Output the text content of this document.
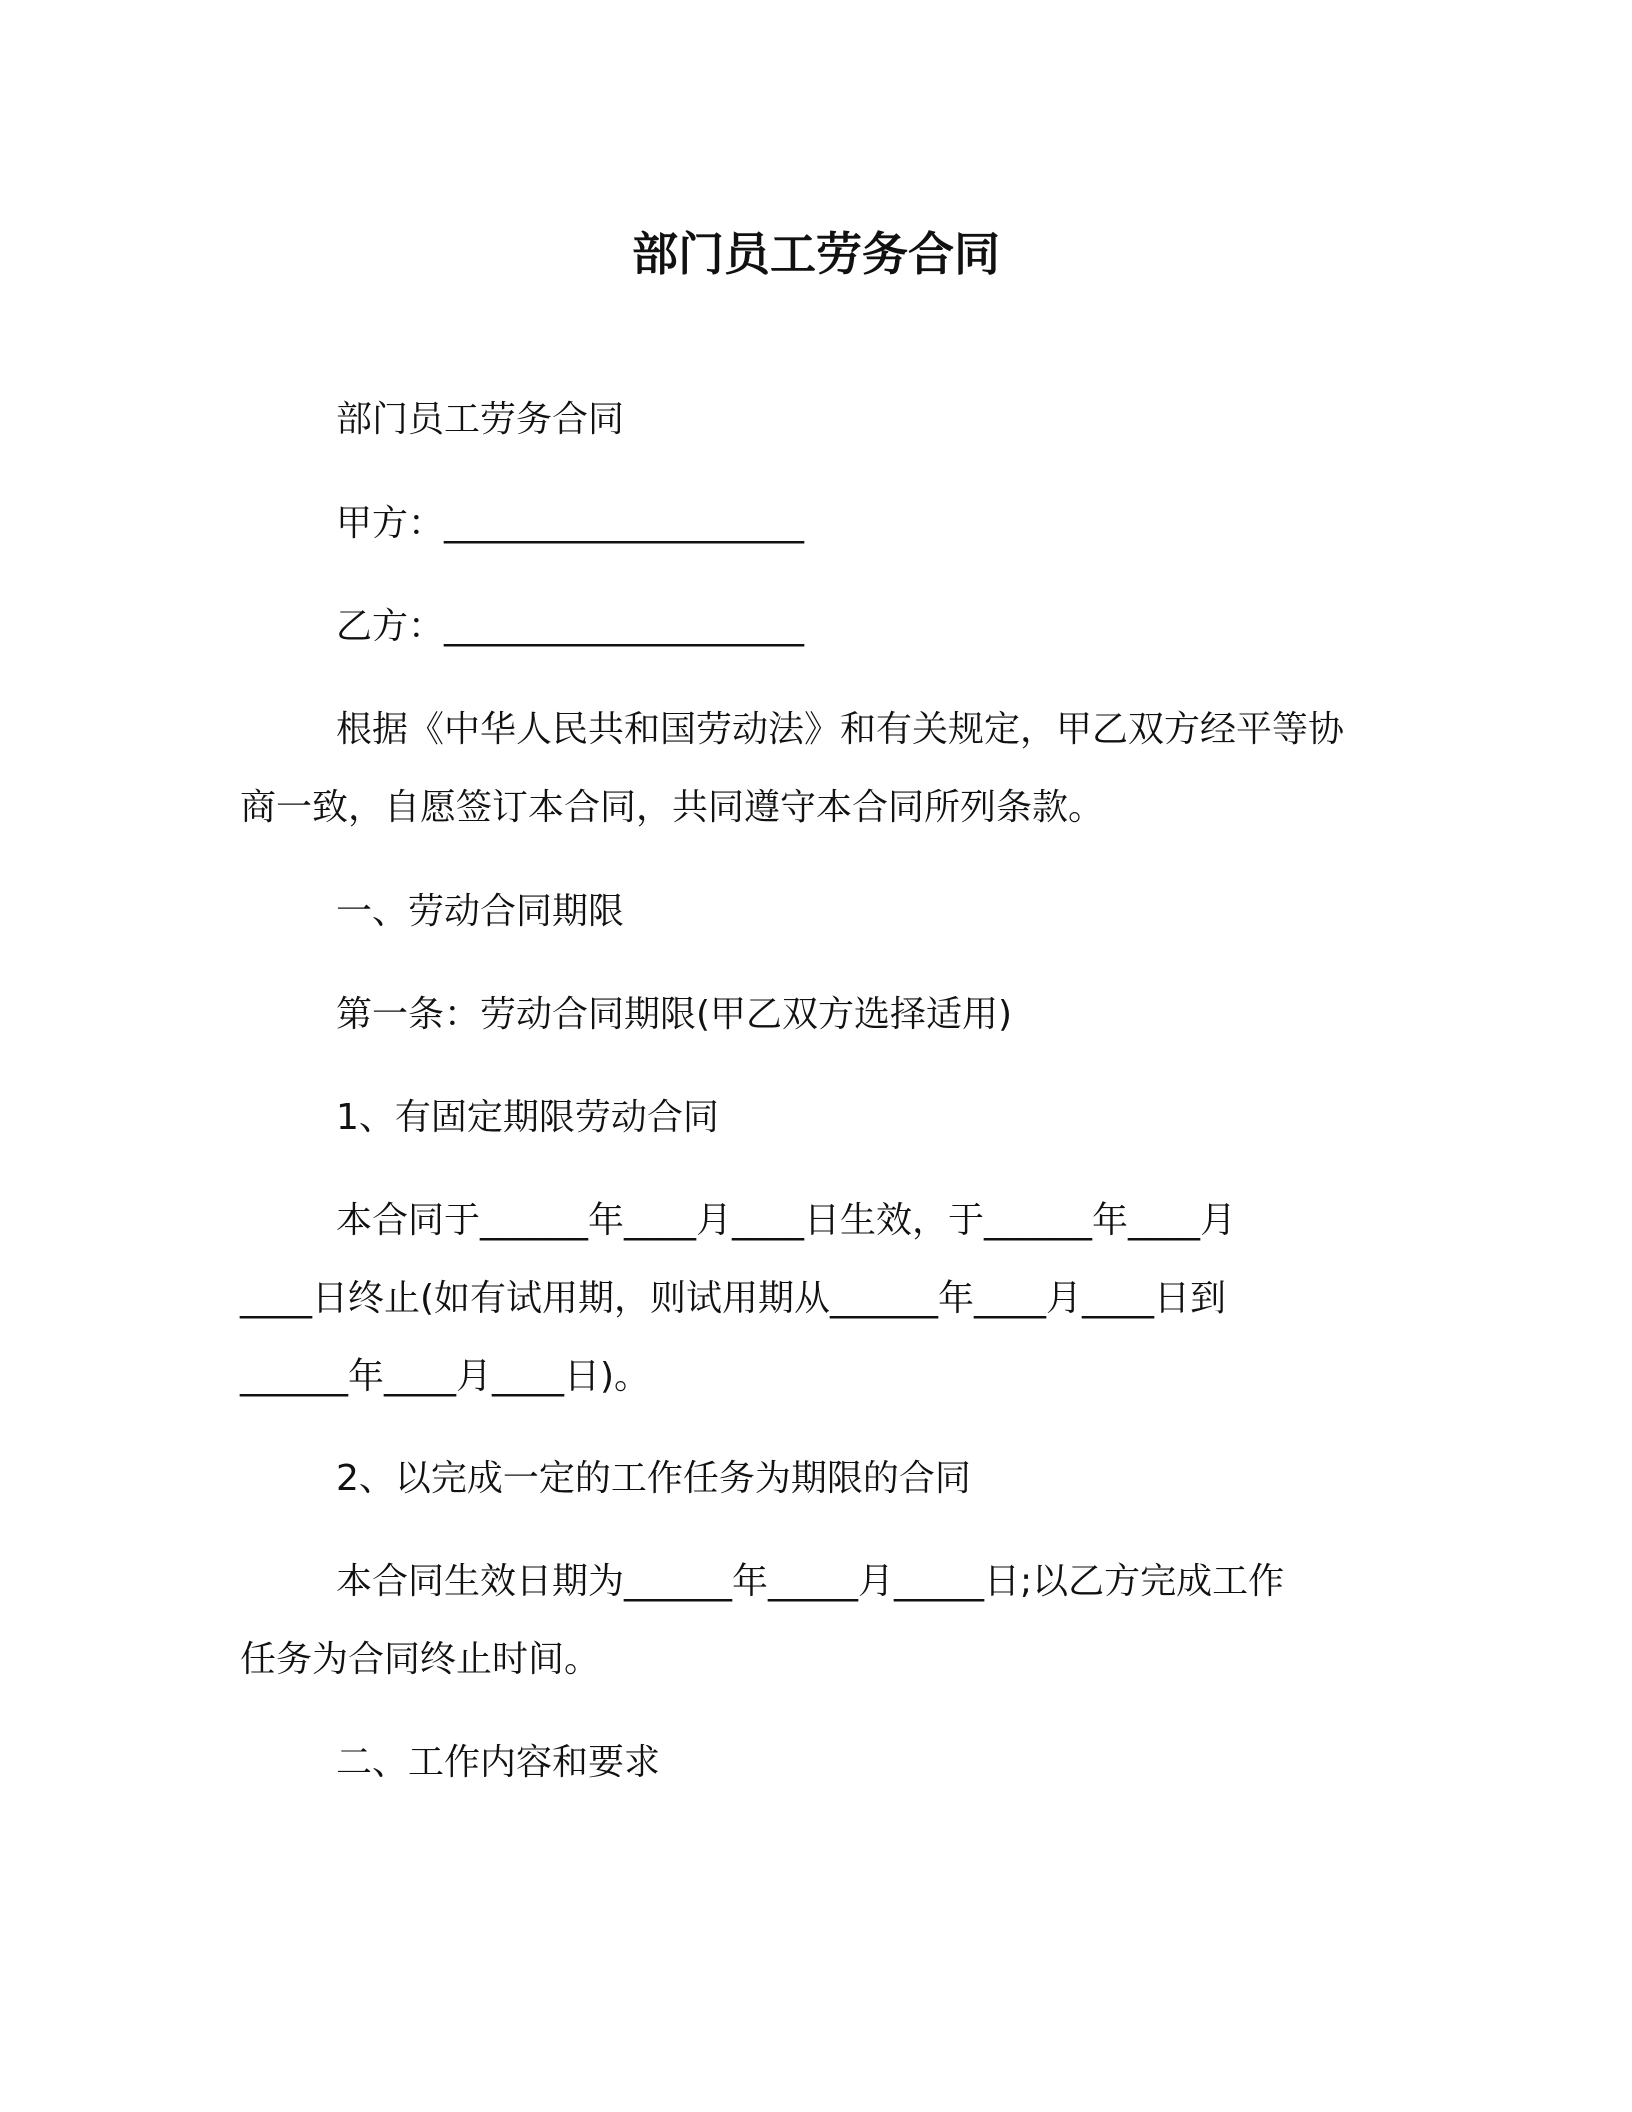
部门员工劳务合同
部门员工劳务合同
甲方：____________________
乙方：____________________
根据《中华人民共和国劳动法》和有关规定，甲乙双方经平等协
商一致，自愿签订本合同，共同遵守本合同所列条款。
一、劳动合同期限
第一条：劳动合同期限(甲乙双方选择适用)
1、有固定期限劳动合同
本合同于______年____月____日生效，于______年____月
____日终止(如有试用期，则试用期从______年____月____日到
______年____月____日)。
2、以完成一定的工作任务为期限的合同
本合同生效日期为______年_____月_____日;以乙方完成工作
任务为合同终止时间。
二、工作内容和要求
